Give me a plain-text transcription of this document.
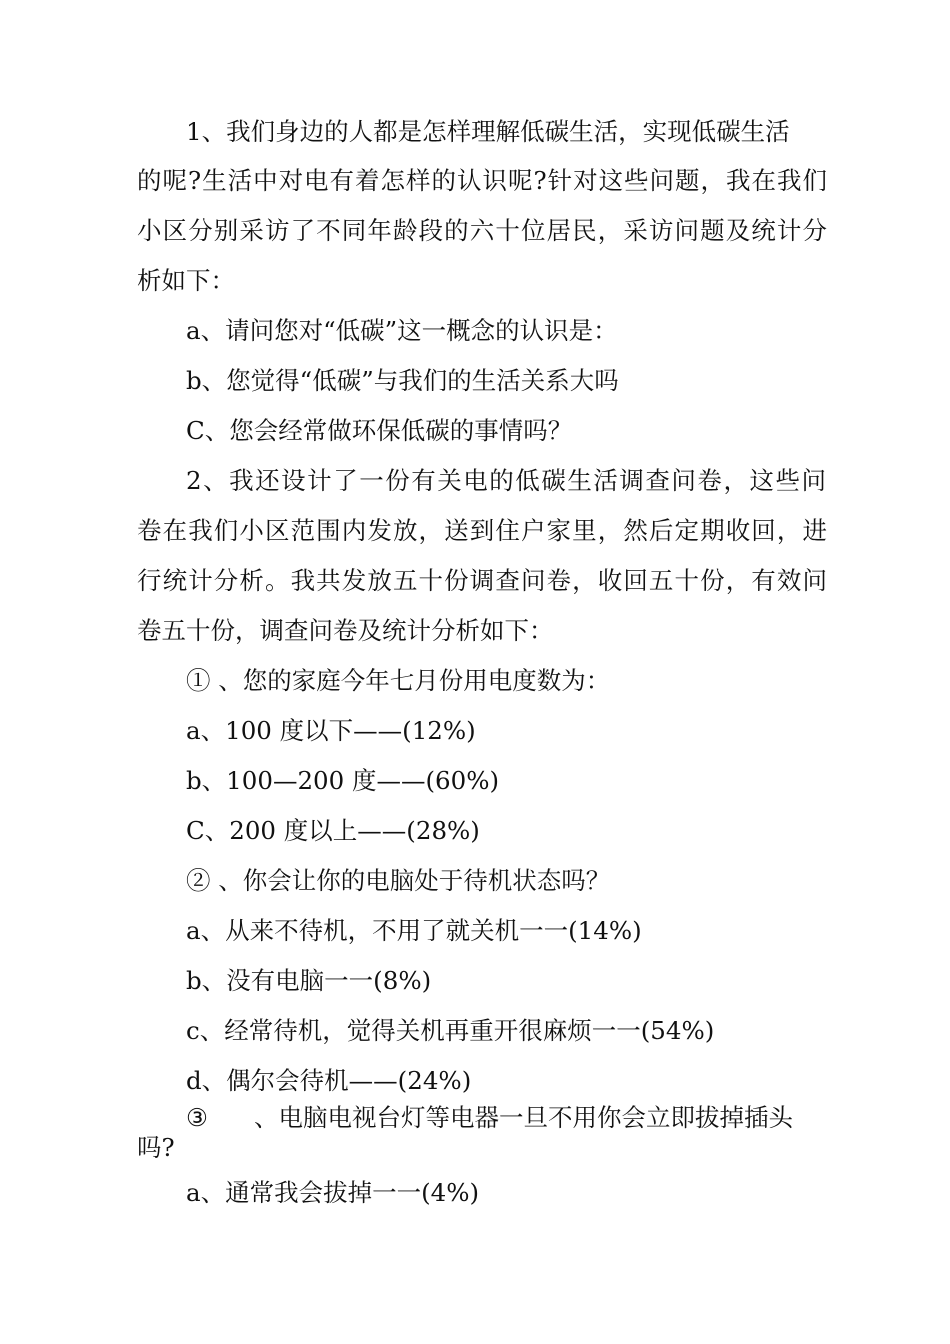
1、我们身边的人都是怎样理解低碳生活，实现低碳生活
的呢?生活中对电有着怎样的认识呢?针对这些问题，我在我们
小区分别采访了不同年龄段的六十位居民，采访问题及统计分
析如下：
a、请问您对“低碳”这一概念的认识是：
b、您觉得“低碳”与我们的生活关系大吗
C、您会经常做环保低碳的事情吗？
2、我还设计了一份有关电的低碳生活调查问卷，这些问
卷在我们小区范围内发放，送到住户家里，然后定期收回，进
行统计分析。我共发放五十份调查问卷，收回五十份，有效问
卷五十份，调查问卷及统计分析如下：
① 、您的家庭今年七月份用电度数为：
a、100 度以下——(12%)
b、100—200 度——(60%)
C、200 度以上——(28%)
② 、你会让你的电脑处于待机状态吗？
a、从来不待机，不用了就关机一一(14%)
b、没有电脑一一(8%)
c、经常待机，觉得关机再重开很麻烦一一(54%)
d、偶尔会待机——(24%)
③ 、电脑电视台灯等电器一旦不用你会立即拔掉插头
吗?
a、通常我会拔掉一一(4%)
